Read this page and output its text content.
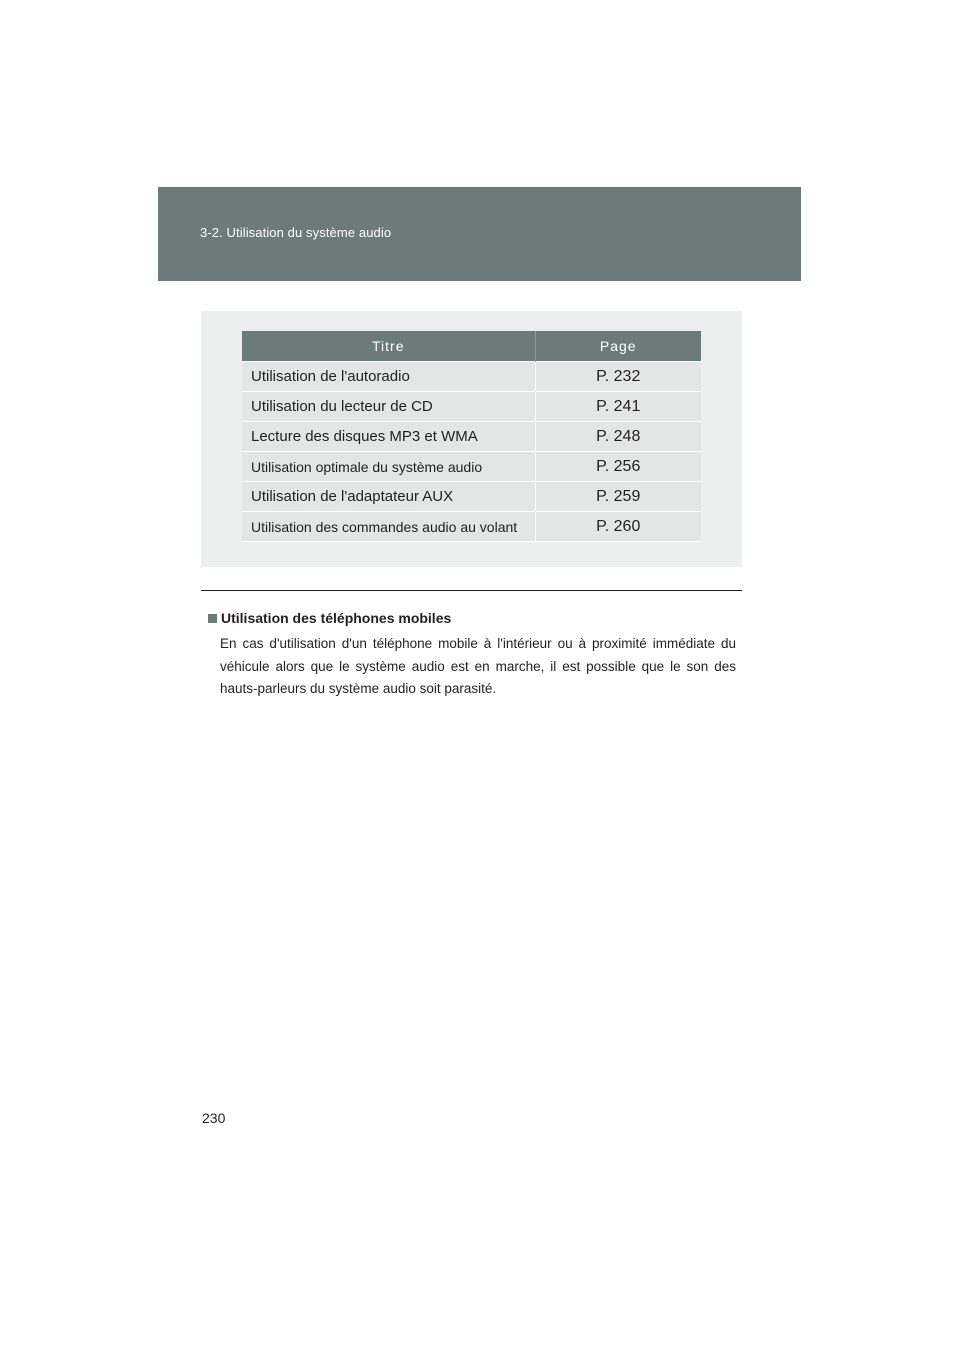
3-2. Utilisation du système audio
Titre	Page
Utilisation de l'autoradio	P. 232
Utilisation du lecteur de CD	P. 241
Lecture des disques MP3 et WMA	P. 248
Utilisation optimale du système audio	P. 256
Utilisation de l'adaptateur AUX	P. 259
Utilisation des commandes audio au volant	P. 260
Utilisation des téléphones mobiles
En cas d'utilisation d'un téléphone mobile à l'intérieur ou à proximité immédiate du véhicule alors que le système audio est en marche, il est possible que le son des hauts-parleurs du système audio soit parasité.
230
